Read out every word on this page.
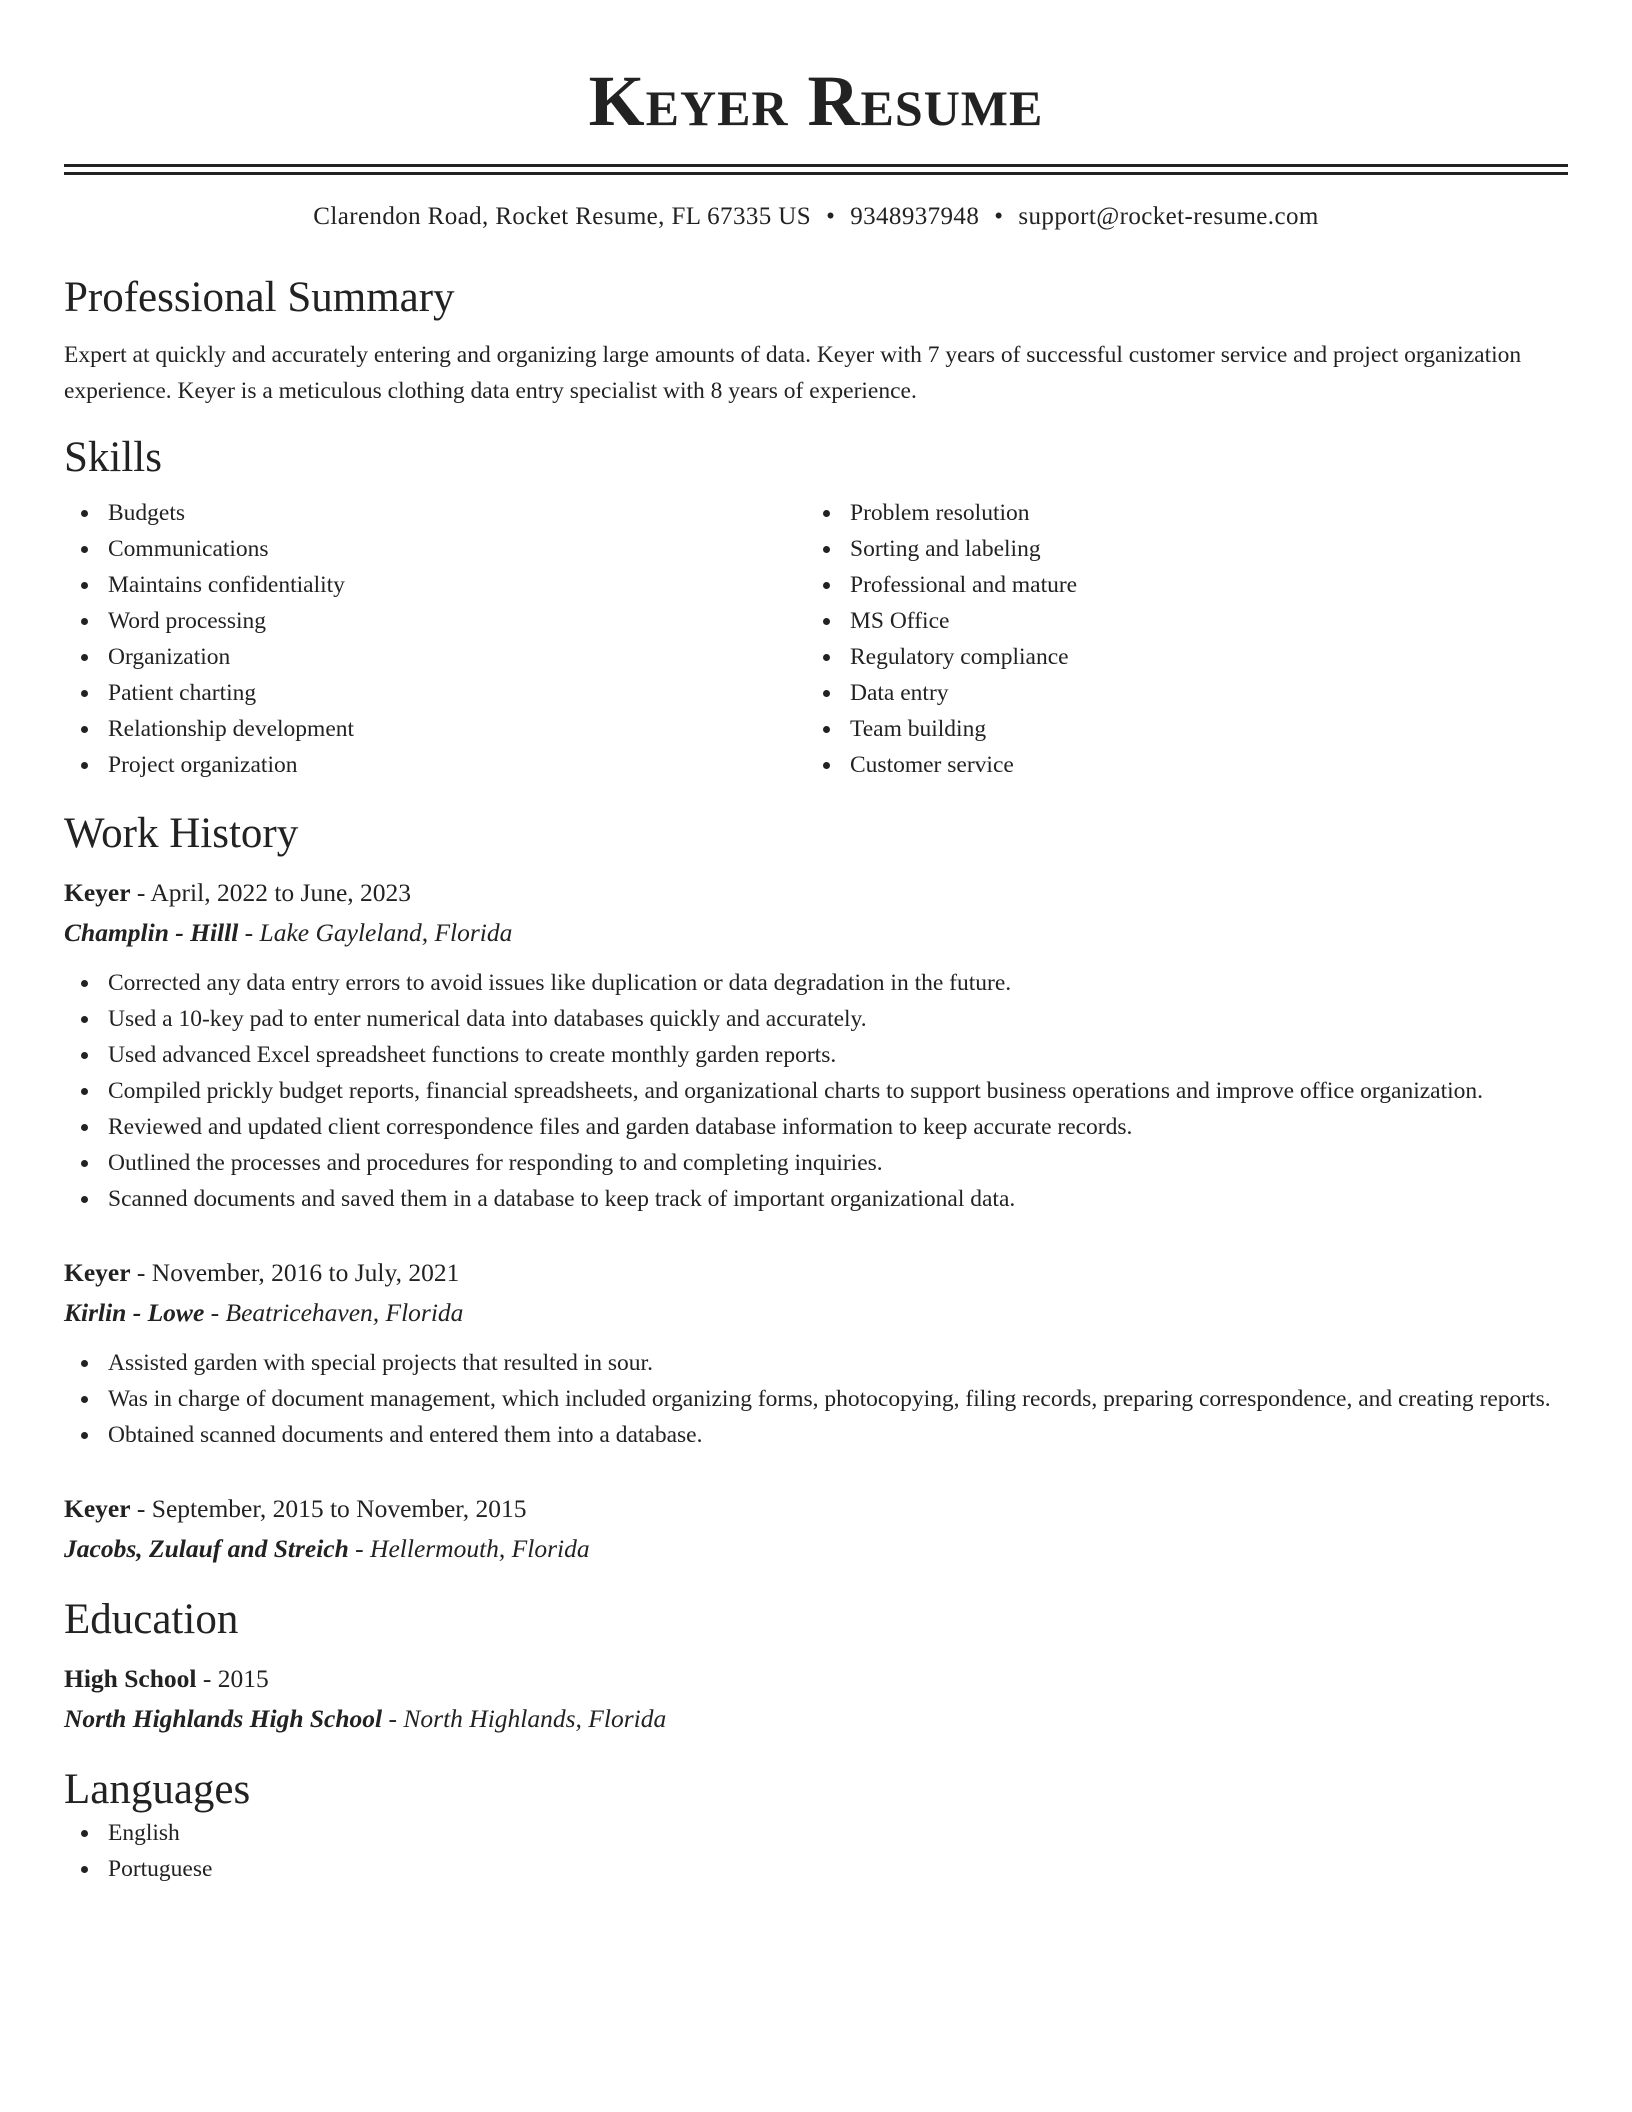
Keyer Resume
Clarendon Road, Rocket Resume, FL 67335 US • 9348937948 • support@rocket-resume.com
Professional Summary

Expert at quickly and accurately entering and organizing large amounts of data. Keyer with 7 years of successful customer service and project organization experience. Keyer is a meticulous clothing data entry specialist with 8 years of experience.

Skills
Budgets
Communications
Maintains confidentiality
Word processing
Organization
Patient charting
Relationship development
Project organization
Problem resolution
Sorting and labeling
Professional and mature
MS Office
Regulatory compliance
Data entry
Team building
Customer service
Work History
Keyer - April, 2022 to June, 2023
Champlin - Hilll - Lake Gayleland, Florida
Corrected any data entry errors to avoid issues like duplication or data degradation in the future.
Used a 10-key pad to enter numerical data into databases quickly and accurately.
Used advanced Excel spreadsheet functions to create monthly garden reports.
Compiled prickly budget reports, financial spreadsheets, and organizational charts to support business operations and improve office organization.
Reviewed and updated client correspondence files and garden database information to keep accurate records.
Outlined the processes and procedures for responding to and completing inquiries.
Scanned documents and saved them in a database to keep track of important organizational data.
Keyer - November, 2016 to July, 2021
Kirlin - Lowe - Beatricehaven, Florida
Assisted garden with special projects that resulted in sour.
Was in charge of document management, which included organizing forms, photocopying, filing records, preparing correspondence, and creating reports.
Obtained scanned documents and entered them into a database.
Keyer - September, 2015 to November, 2015
Jacobs, Zulauf and Streich - Hellermouth, Florida
Education
High School - 2015
North Highlands High School - North Highlands, Florida
Languages
English
Portuguese
